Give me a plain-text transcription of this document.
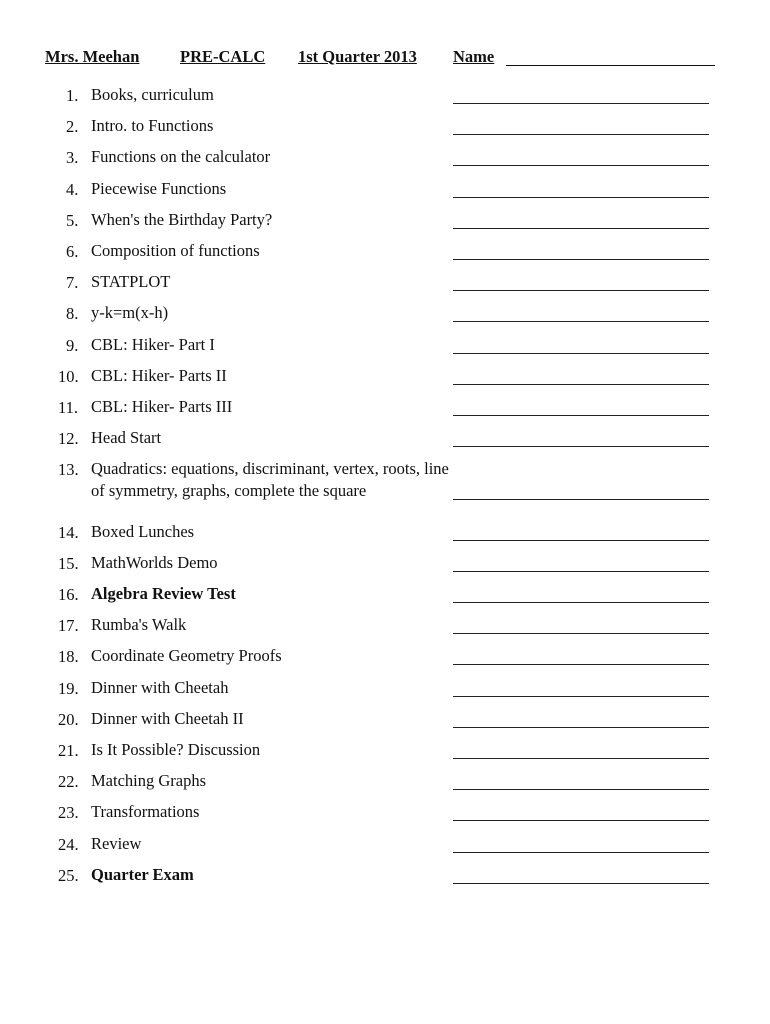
Mrs. Meehan PRE-CALC 1st Quarter 2013 Name
1. Books, curriculum
2. Intro. to Functions
3. Functions on the calculator
4. Piecewise Functions
5. When's the Birthday Party?
6. Composition of functions
7. STATPLOT
8. y-k=m(x-h)
9. CBL: Hiker- Part I
10. CBL: Hiker- Parts II
11. CBL: Hiker- Parts III
12. Head Start
13. Quadratics: equations, discriminant, vertex, roots, line of symmetry, graphs, complete the square
14. Boxed Lunches
15. MathWorlds Demo
16. Algebra Review Test
17. Rumba's Walk
18. Coordinate Geometry Proofs
19. Dinner with Cheetah
20. Dinner with Cheetah II
21. Is It Possible? Discussion
22. Matching Graphs
23. Transformations
24. Review
25. Quarter Exam
